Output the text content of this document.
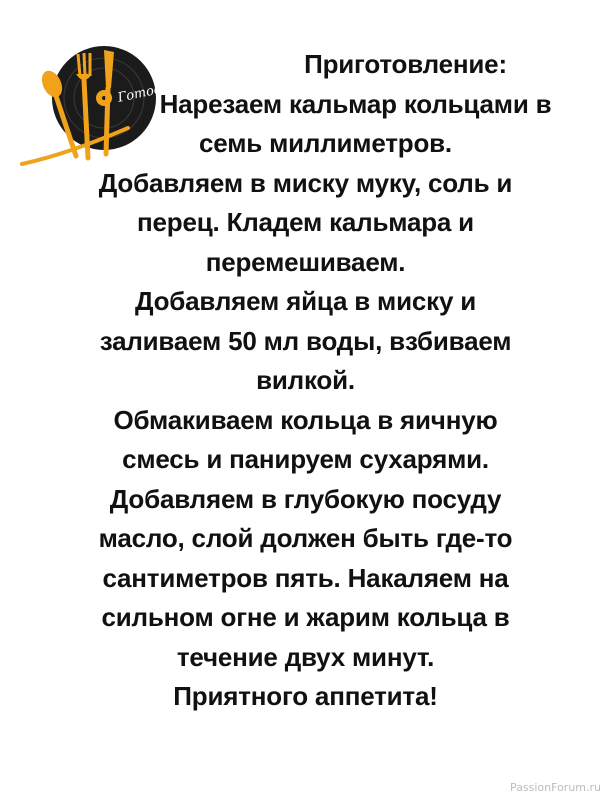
Приготовление:
Нарезаем кальмар кольцами в
семь миллиметров.
Добавляем в миску муку, соль и
перец. Кладем кальмара и
перемешиваем.
Добавляем яйца в миску и
заливаем 50 мл воды, взбиваем
вилкой.
Обмакиваем кольца в яичную
смесь и панируем сухарями.
Добавляем в глубокую посуду
масло, слой должен быть где-то
сантиметров пять. Накаляем на
сильном огне и жарим кольца в
течение двух минут.
Приятного аппетита!
Готовим вкусно
PassionForum.ru
